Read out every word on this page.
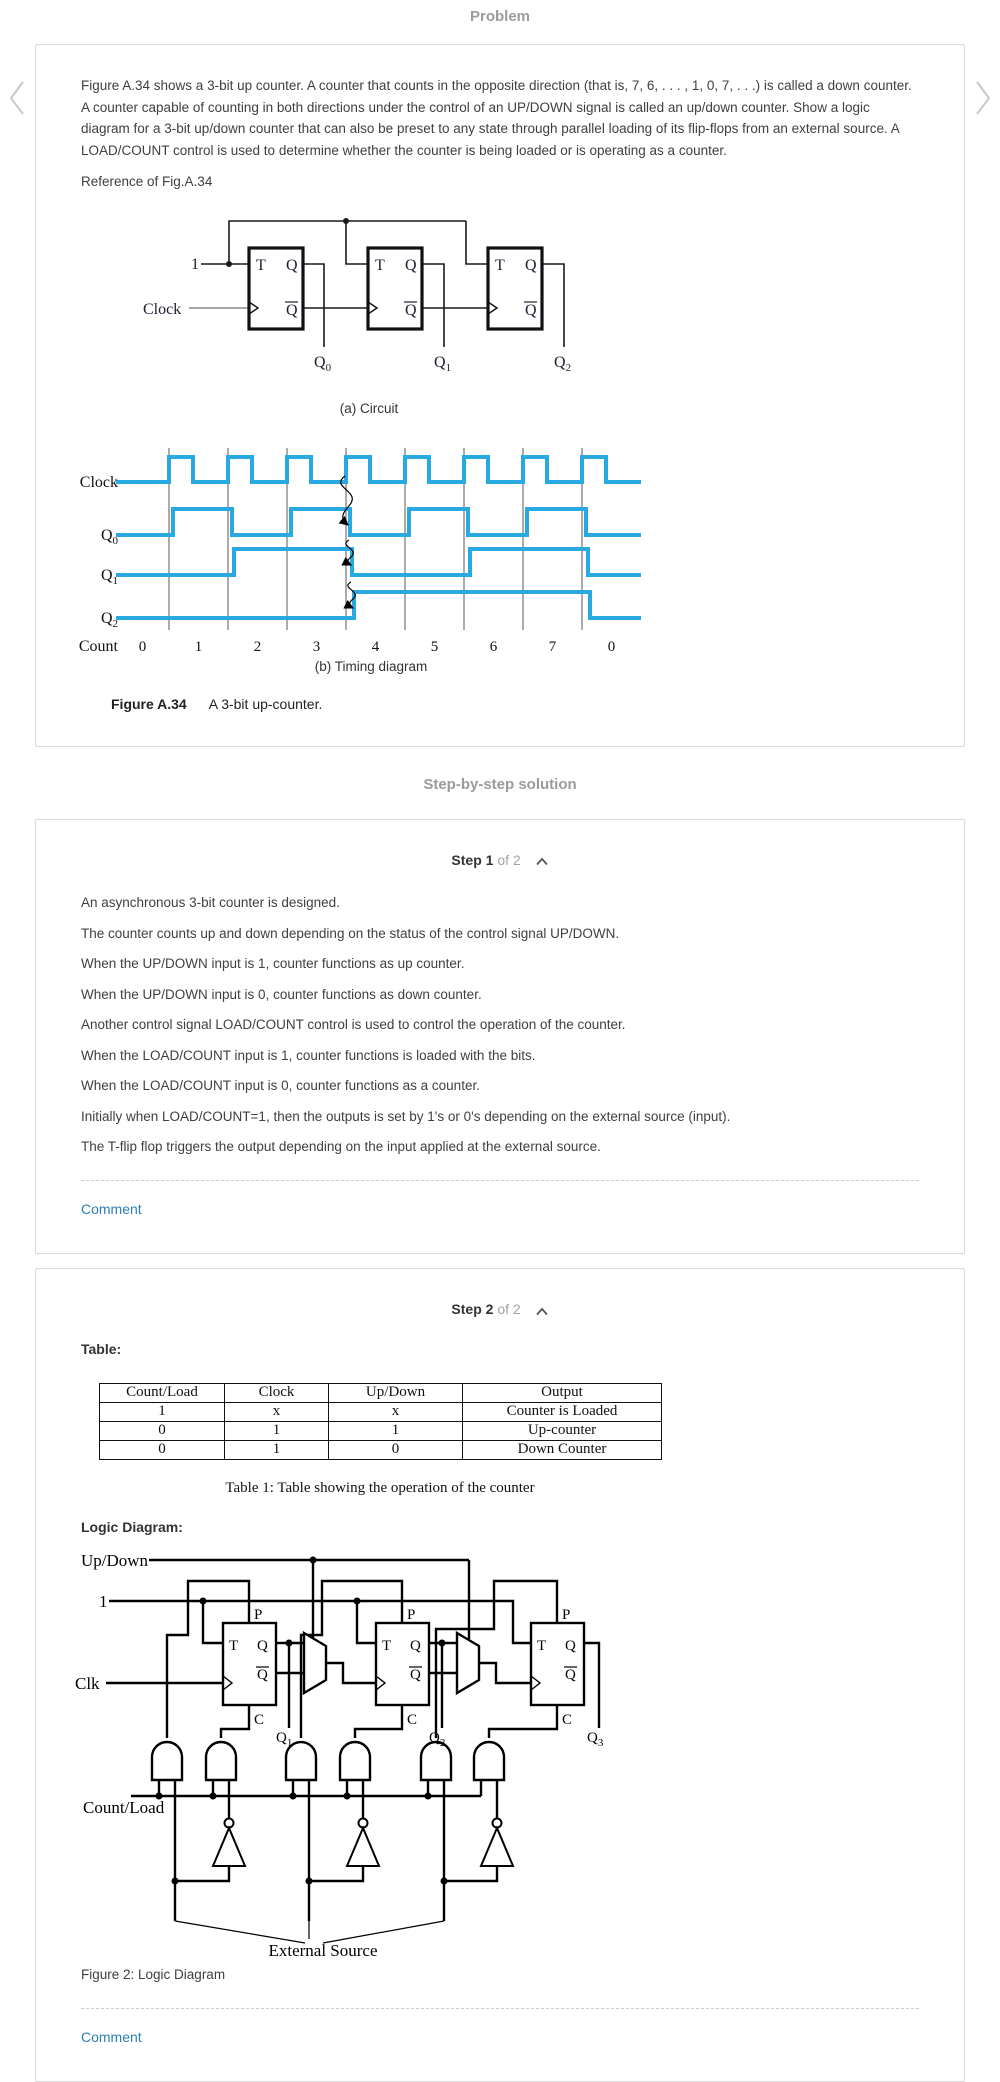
Problem

Figure A.34 shows a 3-bit up counter. A counter that counts in the opposite direction (that is, 7, 6, . . . , 1, 0, 7, . . .) is called a down counter. A counter capable of counting in both directions under the control of an UP/DOWN signal is called an up/down counter. Show a logic diagram for a 3-bit up/down counter that can also be preset to any state through parallel loading of its flip-flops from an external source. A LOAD/COUNT control is used to determine whether the counter is being loaded or is operating as a counter.

Reference of Fig.A.34

1
Clock
T Q
Q
T Q
Q
T Q
Q
$Q_0$	$Q_1$	$Q_2$
(a) Circuit
Clock
$Q_0$
$Q_1$
$Q_2$
Count 0	1	2	3	4	5	6	7	0
(b) Timing diagram

Figure A.34 A 3-bit up-counter.

Step-by-step solution
Step 1 of 2

An asynchronous 3-bit counter is designed.

The counter counts up and down depending on the status of the control signal UP/DOWN.

When the UP/DOWN input is 1, counter functions as up counter.

When the UP/DOWN input is 0, counter functions as down counter.

Another control signal LOAD/COUNT control is used to control the operation of the counter.

When the LOAD/COUNT input is 1, counter functions is loaded with the bits.

When the LOAD/COUNT input is 0, counter functions as a counter.

Initially when LOAD/COUNT=1, then the outputs is set by 1's or 0's depending on the external source (input).

The T-flip flop triggers the output depending on the input applied at the external source.

Comment
Step 2 of 2

Table:

Count/Load	Clock	Up/Down	Output
1	x	x	Counter is Loaded
0	1	1	Up-counter
0	1	0	Down Counter

Table 1: Table showing the operation of the counter

Logic Diagram:

Up/Down
1
Clk
Count/Load
External Source
P
T Q
Q
C
P
T Q
Q
C
P
T Q
Q
C
$Q_1$	$Q_2$	$Q_3$

Figure 2: Logic Diagram

Comment
